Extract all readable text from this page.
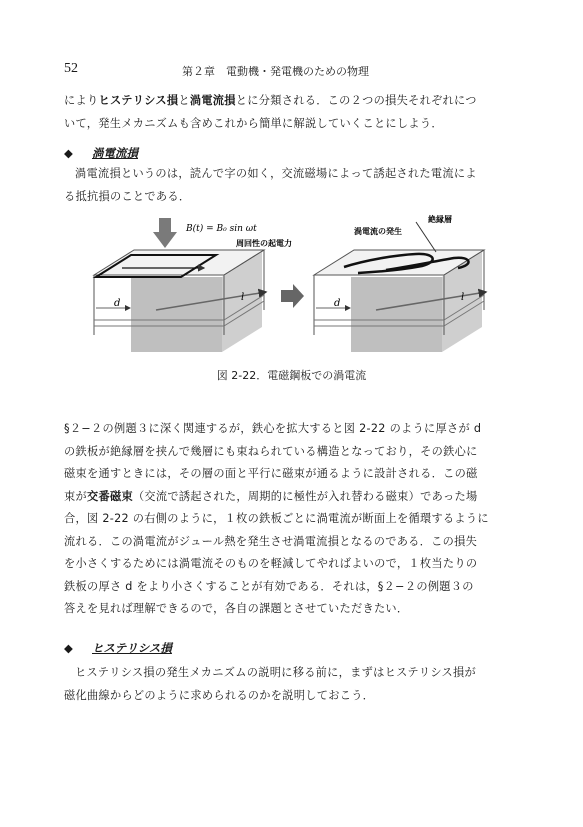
52	第２章　電動機・発電機のための物理
によりヒステリシス損と渦電流損とに分類される．この２つの損失それぞれにつ
いて，発生メカニズムも含めこれから簡単に解説していくことにしよう．
◆ 渦電流損
渦電流損というのは，読んで字の如く，交流磁場によって誘起された電流によ
る抵抗損のことである．
B(t) = B₀ sin ωt
周回性の起電力
渦電流の発生
絶縁層
d
l
d
l
図 2-22．電磁鋼板での渦電流
§２−２の例題３に深く関連するが，鉄心を拡大すると図 2-22 のように厚さが d
の鉄板が絶縁層を挟んで幾層にも束ねられている構造となっており，その鉄心に
磁束を通すときには，その層の面と平行に磁束が通るように設計される．この磁
束が交番磁束（交流で誘起された，周期的に極性が入れ替わる磁束）であった場
合，図 2-22 の右側のように，１枚の鉄板ごとに渦電流が断面上を循環するように
流れる．この渦電流がジュール熱を発生させ渦電流損となるのである．この損失
を小さくするためには渦電流そのものを軽減してやればよいので，１枚当たりの
鉄板の厚さ d をより小さくすることが有効である．それは，§２−２の例題３の
答えを見れば理解できるので，各自の課題とさせていただきたい．
◆ ヒステリシス損
ヒステリシス損の発生メカニズムの説明に移る前に，まずはヒステリシス損が
磁化曲線からどのように求められるのかを説明しておこう．
